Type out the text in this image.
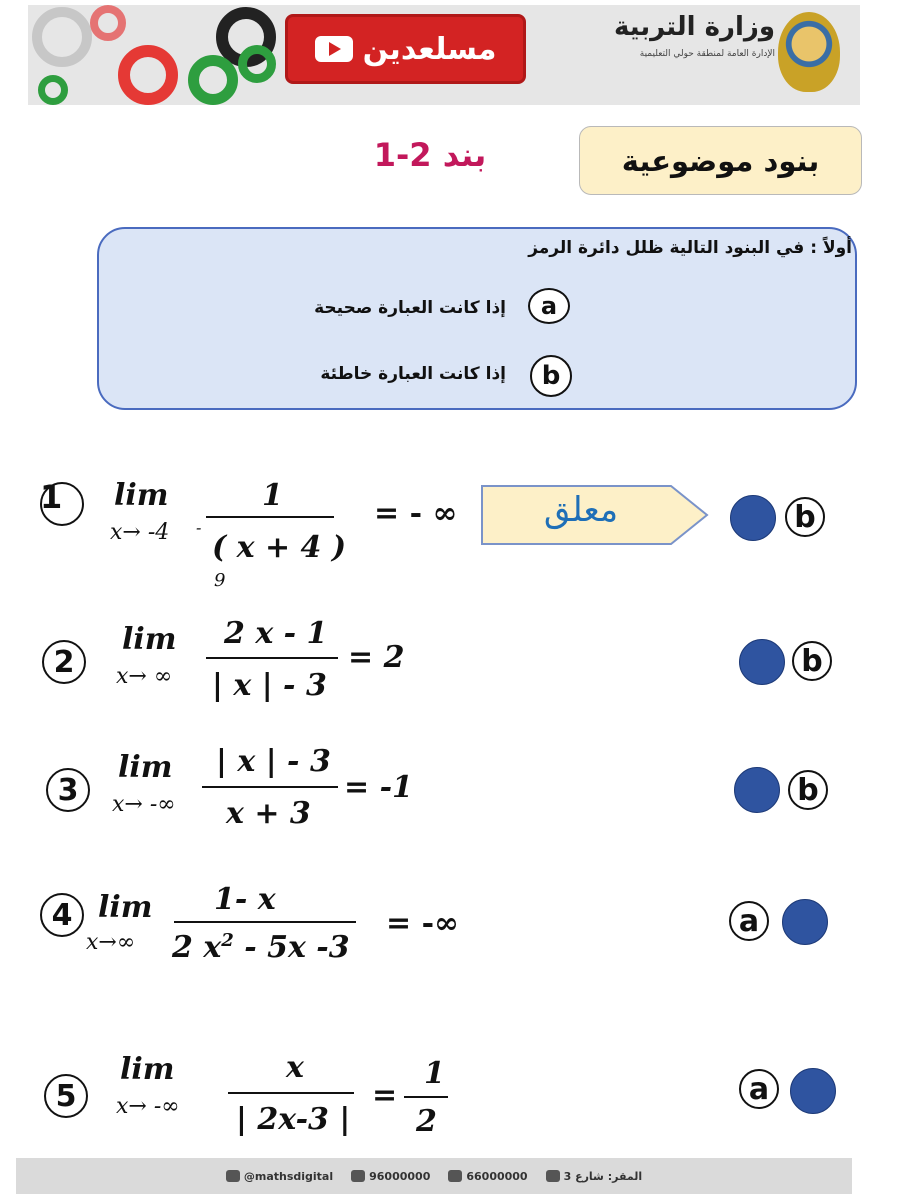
مسلعدين
وزارة التربية
الإدارة العامة لمنطقة حولي التعليمية
بنود موضوعية
بند 2-1
أولاً : في البنود التالية ظلل دائرة الرمز
a
إذا كانت العبارة صحيحة
b
إذا كانت العبارة خاطئة
1 lim
x→ -4 -
1
( x + 4 )
9
= - ∞	معلق	b
2
lim
x→ ∞
2 x - 1
| x | - 3
= 2	b
3
lim
x→ -∞
| x | - 3
x + 3
= -1	b
4 lim
x→∞
1- x
2 $x^2 - 5x$ -3
= -∞	a
5
lim
x→ -∞
x
| 2x-3 |
=
1
2
a
@mathsdigital	96000000	66000000	المقر: شارع 3
